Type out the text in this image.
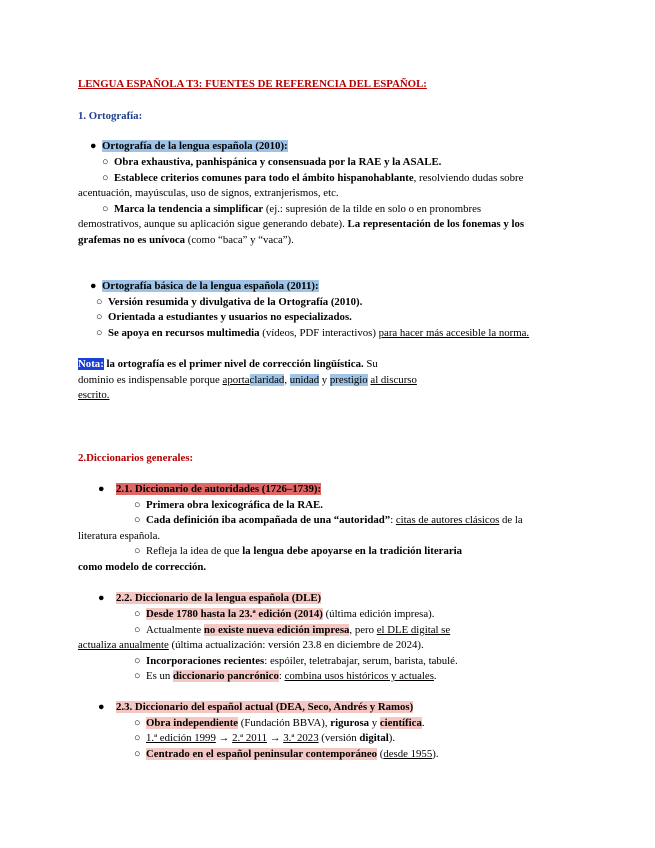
LENGUA ESPAÑOLA T3: FUENTES DE REFERENCIA DEL ESPAÑOL:
1. Ortografía:
● Ortografía de la lengua española (2010):
○ Obra exhaustiva, panhispánica y consensuada por la RAE y la ASALE.
○ Establece criterios comunes para todo el ámbito hispanohablante, resolviendo dudas sobre
acentuación, mayúsculas, uso de signos, extranjerismos, etc.
○ Marca la tendencia a simplificar (ej.: supresión de la tilde en solo o en pronombres
demostrativos, aunque su aplicación sigue generando debate). La representación de los fonemas y los
grafemas no es unívoca (como “baca” y “vaca”).
● Ortografía básica de la lengua española (2011):
○ Versión resumida y divulgativa de la Ortografía (2010).
○ Orientada a estudiantes y usuarios no especializados.
○ Se apoya en recursos multimedia (vídeos, PDF interactivos) para hacer más accesible la norma.
Nota: la ortografía es el primer nivel de corrección lingüística. Su
dominio es indispensable porque aportaclaridad, unidad y prestigio al discurso
escrito.
2.Diccionarios generales:
● 2.1. Diccionario de autoridades (1726–1739):
○ Primera obra lexicográfica de la RAE.
○ Cada definición iba acompañada de una “autoridad”: citas de autores clásicos de la
literatura española.
○ Refleja la idea de que la lengua debe apoyarse en la tradición literaria
como modelo de corrección.
● 2.2. Diccionario de la lengua española (DLE)
○ Desde 1780 hasta la 23.ª edición (2014) (última edición impresa).
○ Actualmente no existe nueva edición impresa, pero el DLE digital se
actualiza anualmente (última actualización: versión 23.8 en diciembre de 2024).
○ Incorporaciones recientes: espóiler, teletrabajar, serum, barista, tabulé.
○ Es un diccionario pancrónico: combina usos históricos y actuales.
● 2.3. Diccionario del español actual (DEA, Seco, Andrés y Ramos)
○ Obra independiente (Fundación BBVA), rigurosa y científica.
○ 1.ª edición 1999 → 2.ª 2011 → 3.ª 2023 (versión digital).
○ Centrado en el español peninsular contemporáneo (desde 1955).
